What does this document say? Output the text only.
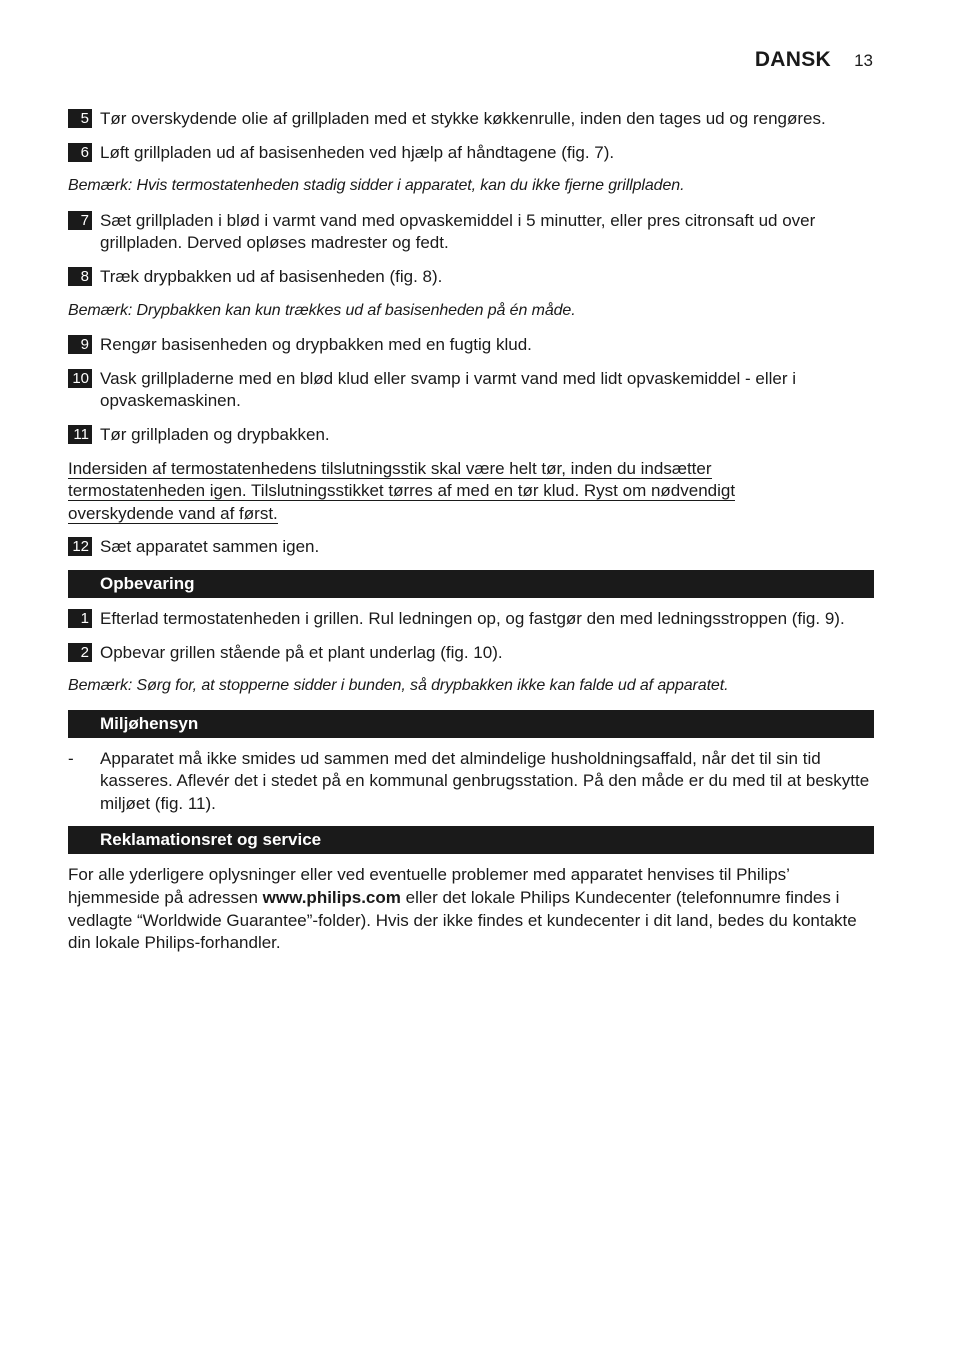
DANSK 13
5 Tør overskydende olie af grillpladen med et stykke køkkenrulle, inden den tages ud og rengøres.
6 Løft grillpladen ud af basisenheden ved hjælp af håndtagene (fig. 7).
Bemærk: Hvis termostatenheden stadig sidder i apparatet, kan du ikke fjerne grillpladen.
7 Sæt grillpladen i blød i varmt vand med opvaskemiddel i 5 minutter, eller pres citronsaft ud over grillpladen. Derved opløses madrester og fedt.
8 Træk drypbakken ud af basisenheden (fig. 8).
Bemærk: Drypbakken kan kun trækkes ud af basisenheden på én måde.
9 Rengør basisenheden og drypbakken med en fugtig klud.
10 Vask grillpladerne med en blød klud eller svamp i varmt vand med lidt opvaskemiddel - eller i opvaskemaskinen.
11 Tør grillpladen og drypbakken.
Indersiden af termostatenhedens tilslutningsstik skal være helt tør, inden du indsætter
termostatenheden igen. Tilslutningsstikket tørres af med en tør klud. Ryst om nødvendigt
overskydende vand af først.
12 Sæt apparatet sammen igen.
Opbevaring
1 Efterlad termostatenheden i grillen. Rul ledningen op, og fastgør den med ledningsstroppen (fig. 9).
2 Opbevar grillen stående på et plant underlag (fig. 10).
Bemærk: Sørg for, at stopperne sidder i bunden, så drypbakken ikke kan falde ud af apparatet.
Miljøhensyn
- Apparatet må ikke smides ud sammen med det almindelige husholdningsaffald, når det til sin tid kasseres. Aflevér det i stedet på en kommunal genbrugsstation. På den måde er du med til at beskytte miljøet (fig. 11).
Reklamationsret og service
For alle yderligere oplysninger eller ved eventuelle problemer med apparatet henvises til Philips’ hjemmeside på adressen www.philips.com eller det lokale Philips Kundecenter (telefonnumre findes i vedlagte “Worldwide Guarantee”-folder). Hvis der ikke findes et kundecenter i dit land, bedes du kontakte din lokale Philips-forhandler.
